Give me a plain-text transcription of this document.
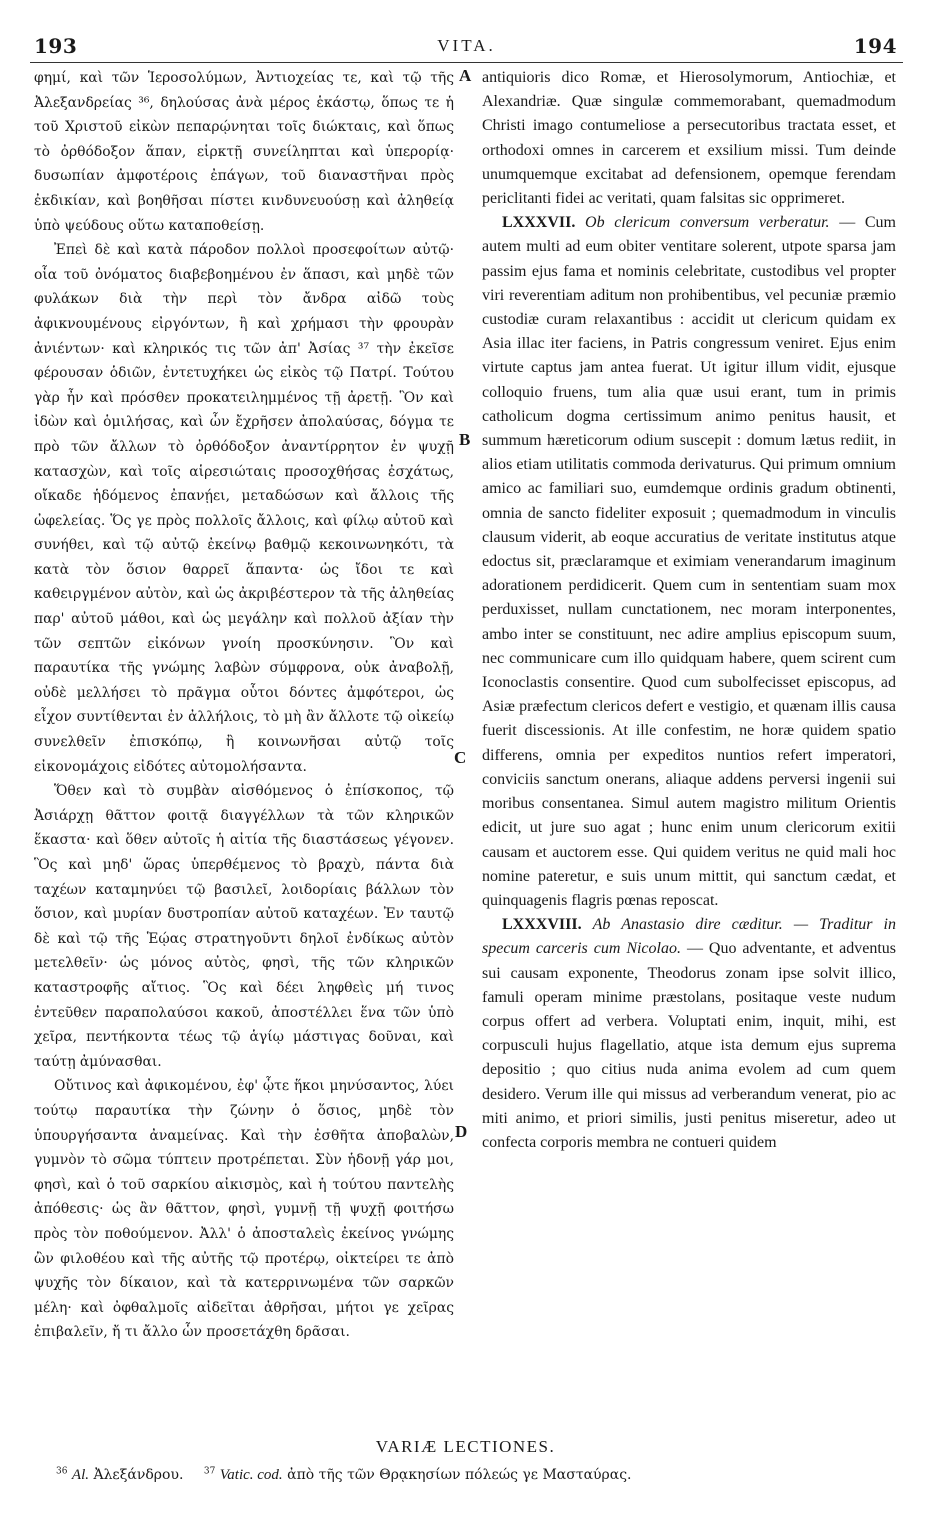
193	VITA.	194

φημί, καὶ τῶν Ἱεροσολύμων, Ἀντιοχείας τε, καὶ τῷ τῆς Ἀλεξανδρείας ³⁶, δηλούσας ἀνὰ μέρος ἑκάστῳ, ὅπως τε ἡ τοῦ Χριστοῦ εἰκὼν πεπαρῴνηται τοῖς διώκταις, καὶ ὅπως τὸ ὀρθόδοξον ἅπαν, εἱρκτῇ συνείληπται καὶ ὑπερορίᾳ· δυσωπίαν ἀμφοτέροις ἐπάγων, τοῦ διαναστῆναι πρὸς ἐκδικίαν, καὶ βοηθῆσαι πίστει κινδυνευούσῃ καὶ ἀληθείᾳ ὑπὸ ψεύδους οὕτω καταποθείσῃ.

Ἐπεὶ δὲ καὶ κατὰ πάροδον πολλοὶ προσεφοίτων αὐτῷ· οἷα τοῦ ὀνόματος διαβεβοημένου ἐν ἅπασι, καὶ μηδὲ τῶν φυλάκων διὰ τὴν περὶ τὸν ἄνδρα αἰδῶ τοὺς ἀφικνουμένους εἰργόντων, ἢ καὶ χρήμασι τὴν φρουρὰν ἀνιέντων· καὶ κληρικός τις τῶν ἀπ' Ἀσίας ³⁷ τὴν ἐκεῖσε φέρουσαν ὁδιῶν, ἐντετυχήκει ὡς εἰκὸς τῷ Πατρί. Τούτου γὰρ ἦν καὶ πρόσθεν προκατειλημμένος τῇ ἀρετῇ. Ὃν καὶ ἰδὼν καὶ ὁμιλήσας, καὶ ὧν ἔχρῆσεν ἀπολαύσας, δόγμα τε πρὸ τῶν ἄλλων τὸ ὀρθόδοξον ἀναντίρρητον ἐν ψυχῇ κατασχὼν, καὶ τοῖς αἱρεσιώταις προσοχθήσας ἐσχάτως, οἴκαδε ἡδόμενος ἐπανῄει, μεταδώσων καὶ ἄλλοις τῆς ὠφελείας. Ὅς γε πρὸς πολλοῖς ἄλλοις, καὶ φίλῳ αὐτοῦ καὶ συνήθει, καὶ τῷ αὐτῷ ἐκείνῳ βαθμῷ κεκοινωνηκότι, τὰ κατὰ τὸν ὅσιον θαρρεῖ ἅπαντα· ὡς ἴδοι τε καὶ καθειργμένον αὐτὸν, καὶ ὡς ἀκριβέστερον τὰ τῆς ἀληθείας παρ' αὐτοῦ μάθοι, καὶ ὡς μεγάλην καὶ πολλοῦ ἀξίαν τὴν τῶν σεπτῶν εἰκόνων γνοίη προσκύνησιν. Ὃν καὶ παραυτίκα τῆς γνώμης λαβὼν σύμφρονα, οὐκ ἀναβολῇ, οὐδὲ μελλήσει τὸ πρᾶγμα οὗτοι δόντες ἀμφότεροι, ὡς εἶχον συντίθενται ἐν ἀλλήλοις, τὸ μὴ ἂν ἄλλοτε τῷ οἰκείῳ συνελθεῖν ἐπισκόπῳ, ἢ κοινωνῆσαι αὐτῷ τοῖς εἰκονομάχοις εἰδότες αὐτομολήσαντα.

Ὅθεν καὶ τὸ συμβὰν αἰσθόμενος ὁ ἐπίσκοπος, τῷ Ἀσιάρχῃ θᾶττον φοιτᾷ διαγγέλλων τὰ τῶν κληρικῶν ἕκαστα· καὶ ὅθεν αὐτοῖς ἡ αἰτία τῆς διαστάσεως γέγονεν. Ὃς καὶ μηδ' ὥρας ὑπερθέμενος τὸ βραχὺ, πάντα διὰ ταχέων καταμηνύει τῷ βασιλεῖ, λοιδορίαις βάλλων τὸν ὅσιον, καὶ μυρίαν δυστροπίαν αὐτοῦ καταχέων. Ἐν ταυτῷ δὲ καὶ τῷ τῆς Ἑῴας στρατηγοῦντι δηλοῖ ἐνδίκως αὐτὸν μετελθεῖν· ὡς μόνος αὐτὸς, φησὶ, τῆς τῶν κληρικῶν καταστροφῆς αἴτιος. Ὃς καὶ δέει ληφθεὶς μή τινος ἐντεῦθεν παραπολαύσοι κακοῦ, ἀποστέλλει ἕνα τῶν ὑπὸ χεῖρα, πεντήκοντα τέως τῷ ἁγίῳ μάστιγας δοῦναι, καὶ ταύτῃ ἀμύνασθαι.

Οὔτινος καὶ ἀφικομένου, ἐφ' ᾧτε ἥκοι μηνύσαντος, λύει τούτῳ παραυτίκα τὴν ζώνην ὁ ὅσιος, μηδὲ τὸν ὑπουργήσαντα ἀναμείνας. Καὶ τὴν ἐσθῆτα ἀποβαλὼν, γυμνὸν τὸ σῶμα τύπτειν προτρέπεται. Σὺν ἡδονῇ γάρ μοι, φησὶ, καὶ ὁ τοῦ σαρκίου αἰκισμὸς, καὶ ἡ τούτου παντελὴς ἀπόθεσις· ὡς ἂν θᾶττον, φησὶ, γυμνῇ τῇ ψυχῇ φοιτήσω πρὸς τὸν ποθούμενον. Ἀλλ' ὁ ἀποσταλεὶς ἐκείνος γνώμης ὢν φιλοθέου καὶ τῆς αὐτῆς τῷ προτέρῳ, οἰκτείρει τε ἀπὸ ψυχῆς τὸν δίκαιον, καὶ τὰ κατερρινωμένα τῶν σαρκῶν μέλη· καὶ ὀφθαλμοῖς αἰδεῖται ἀθρῆσαι, μήτοι γε χεῖρας ἐπιβαλεῖν, ἤ τι ἄλλο ὧν προσετάχθη δρᾶσαι.

A
B
C
D

antiquioris dico Romæ, et Hierosolymorum, Antiochiæ, et Alexandriæ. Quæ singulæ commemorabant, quemadmodum Christi imago contumeliose a persecutoribus tractata esset, et orthodoxi omnes in carcerem et exsilium missi. Tum deinde unumquemque excitabat ad defensionem, opemque ferendam periclitanti fidei ac veritati, quam falsitas sic opprimeret.

LXXXVII. Ob clericum conversum verberatur. — Cum autem multi ad eum obiter ventitare solerent, utpote sparsa jam passim ejus fama et nominis celebritate, custodibus vel propter viri reverentiam aditum non prohibentibus, vel pecuniæ præmio custodiæ curam relaxantibus : accidit ut clericum quidam ex Asia illac iter faciens, in Patris congressum veniret. Ejus enim virtute captus jam antea fuerat. Ut igitur illum vidit, ejusque colloquio fruens, tum alia quæ usui erant, tum in primis catholicum dogma certissimum animo penitus hausit, et summum hæreticorum odium suscepit : domum lætus rediit, in alios etiam utilitatis commoda derivaturus. Qui primum omnium amico ac familiari suo, eumdemque ordinis gradum obtinenti, omnia de sancto fideliter exposuit ; quemadmodum in vinculis clausum viderit, ab eoque accuratius de veritate institutus atque edoctus sit, præclaramque et eximiam venerandarum imaginum adorationem perdidicerit. Quem cum in sententiam suam mox perduxisset, nullam cunctationem, nec moram interponentes, ambo inter se constituunt, nec adire amplius episcopum suum, nec communicare cum illo quidquam habere, quem scirent cum Iconoclastis consentire. Quod cum subolfecisset episcopus, ad Asiæ præfectum clericos defert e vestigio, et quænam illis causa fuerit discessionis. At ille confestim, ne horæ quidem spatio differens, omnia per expeditos nuntios refert imperatori, conviciis sanctum onerans, aliaque addens perversi ingenii sui moribus consentanea. Simul autem magistro militum Orientis edicit, ut jure suo agat ; hunc enim unum clericorum exitii causam et auctorem esse. Qui quidem veritus ne quid mali hoc nomine pateretur, e suis unum mittit, qui sanctum cædat, et quinquagenis flagris pœnas reposcat.

LXXXVIII. Ab Anastasio dire cæditur. — Traditur in specum carceris cum Nicolao. — Quo adventante, et adventus sui causam exponente, Theodorus zonam ipse solvit illico, famuli operam minime præstolans, positaque veste nudum corpus offert ad verbera. Voluptati enim, inquit, mihi, est corpusculi hujus flagellatio, atque ista demum ejus suprema depositio ; quo citius nuda anima evolem ad cum quem desidero. Verum ille qui missus ad verberandum venerat, pio ac miti animo, et priori similis, justi penitus miseretur, adeo ut confecta corporis membra ne contueri quidem

VARIÆ LECTIONES.
$^{36}$ Al. Ἀλεξάνδρου. $^{37}$ Vatic. cod. ἀπὸ τῆς τῶν Θρᾳκησίων πόλεώς γε Μασταύρας.
